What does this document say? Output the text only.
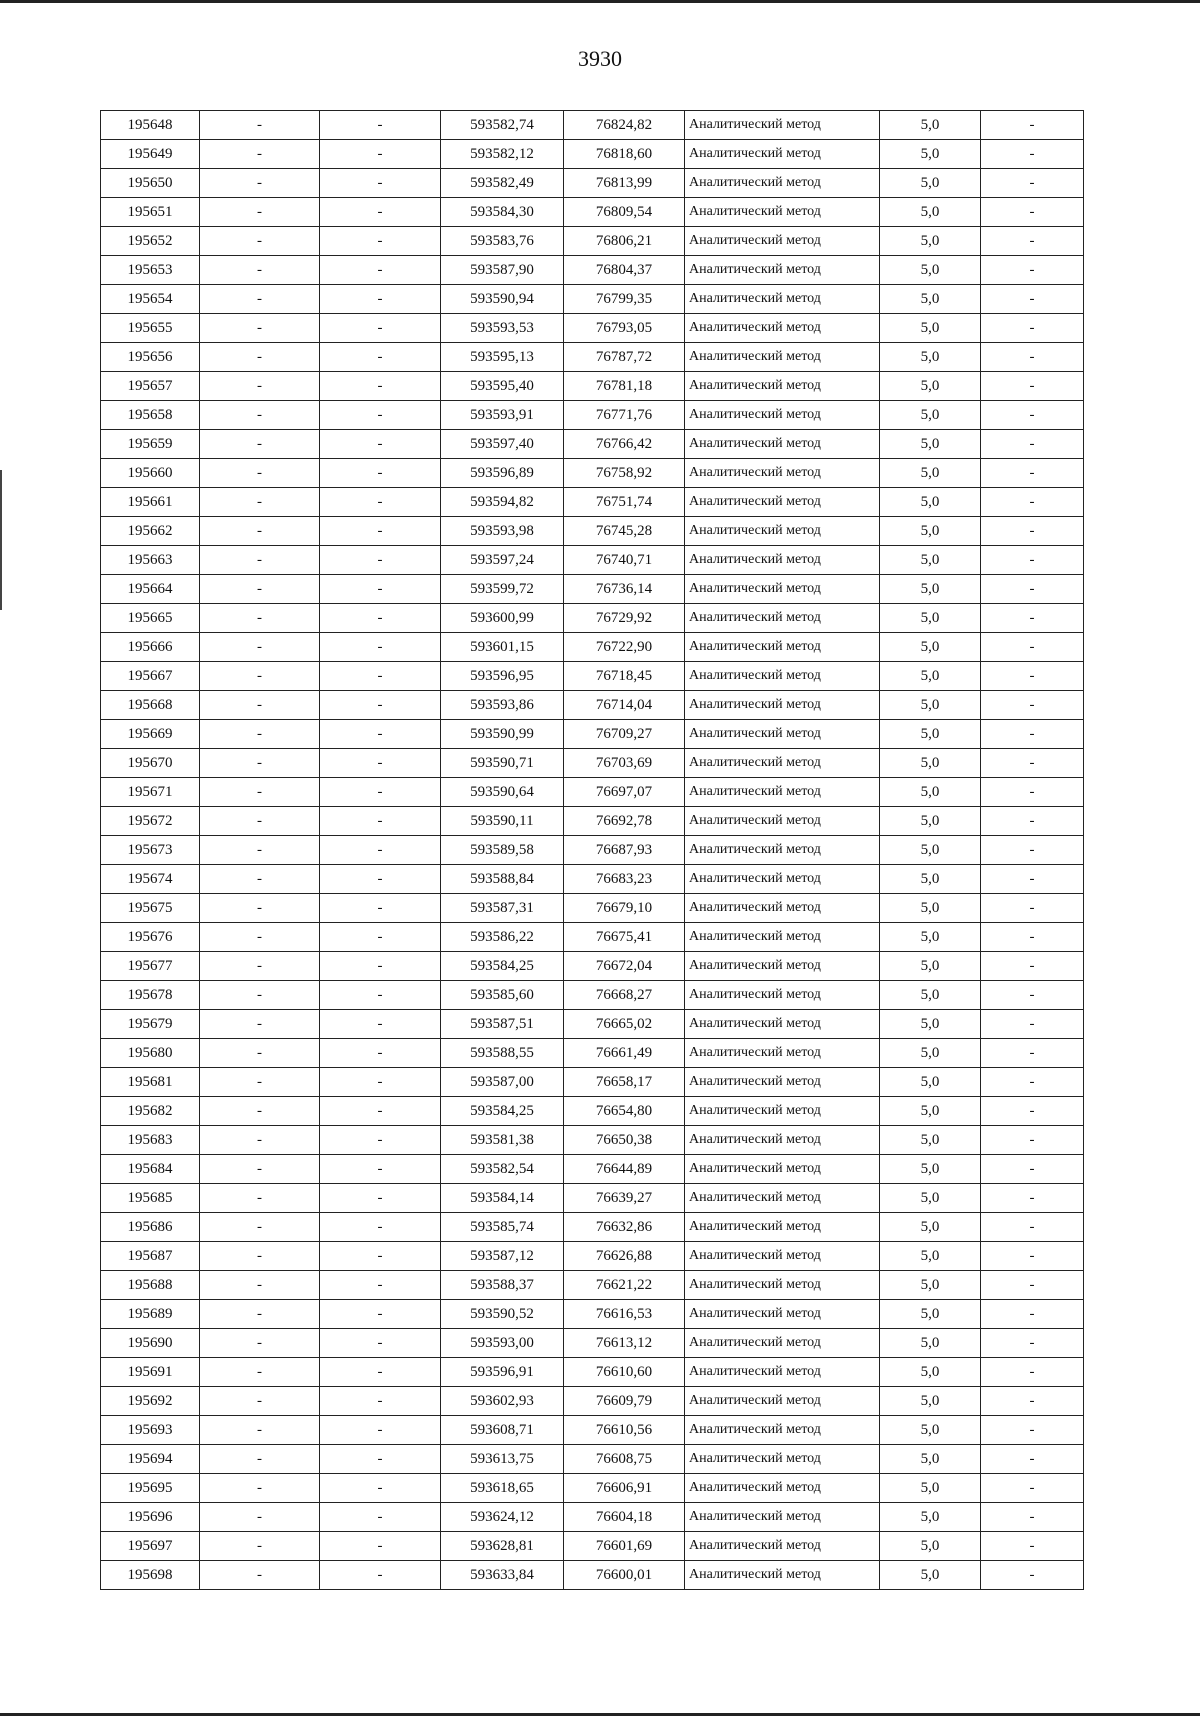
3930
195648	-	-	593582,74	76824,82	Аналитический метод	5,0	-
195649	-	-	593582,12	76818,60	Аналитический метод	5,0	-
195650	-	-	593582,49	76813,99	Аналитический метод	5,0	-
195651	-	-	593584,30	76809,54	Аналитический метод	5,0	-
195652	-	-	593583,76	76806,21	Аналитический метод	5,0	-
195653	-	-	593587,90	76804,37	Аналитический метод	5,0	-
195654	-	-	593590,94	76799,35	Аналитический метод	5,0	-
195655	-	-	593593,53	76793,05	Аналитический метод	5,0	-
195656	-	-	593595,13	76787,72	Аналитический метод	5,0	-
195657	-	-	593595,40	76781,18	Аналитический метод	5,0	-
195658	-	-	593593,91	76771,76	Аналитический метод	5,0	-
195659	-	-	593597,40	76766,42	Аналитический метод	5,0	-
195660	-	-	593596,89	76758,92	Аналитический метод	5,0	-
195661	-	-	593594,82	76751,74	Аналитический метод	5,0	-
195662	-	-	593593,98	76745,28	Аналитический метод	5,0	-
195663	-	-	593597,24	76740,71	Аналитический метод	5,0	-
195664	-	-	593599,72	76736,14	Аналитический метод	5,0	-
195665	-	-	593600,99	76729,92	Аналитический метод	5,0	-
195666	-	-	593601,15	76722,90	Аналитический метод	5,0	-
195667	-	-	593596,95	76718,45	Аналитический метод	5,0	-
195668	-	-	593593,86	76714,04	Аналитический метод	5,0	-
195669	-	-	593590,99	76709,27	Аналитический метод	5,0	-
195670	-	-	593590,71	76703,69	Аналитический метод	5,0	-
195671	-	-	593590,64	76697,07	Аналитический метод	5,0	-
195672	-	-	593590,11	76692,78	Аналитический метод	5,0	-
195673	-	-	593589,58	76687,93	Аналитический метод	5,0	-
195674	-	-	593588,84	76683,23	Аналитический метод	5,0	-
195675	-	-	593587,31	76679,10	Аналитический метод	5,0	-
195676	-	-	593586,22	76675,41	Аналитический метод	5,0	-
195677	-	-	593584,25	76672,04	Аналитический метод	5,0	-
195678	-	-	593585,60	76668,27	Аналитический метод	5,0	-
195679	-	-	593587,51	76665,02	Аналитический метод	5,0	-
195680	-	-	593588,55	76661,49	Аналитический метод	5,0	-
195681	-	-	593587,00	76658,17	Аналитический метод	5,0	-
195682	-	-	593584,25	76654,80	Аналитический метод	5,0	-
195683	-	-	593581,38	76650,38	Аналитический метод	5,0	-
195684	-	-	593582,54	76644,89	Аналитический метод	5,0	-
195685	-	-	593584,14	76639,27	Аналитический метод	5,0	-
195686	-	-	593585,74	76632,86	Аналитический метод	5,0	-
195687	-	-	593587,12	76626,88	Аналитический метод	5,0	-
195688	-	-	593588,37	76621,22	Аналитический метод	5,0	-
195689	-	-	593590,52	76616,53	Аналитический метод	5,0	-
195690	-	-	593593,00	76613,12	Аналитический метод	5,0	-
195691	-	-	593596,91	76610,60	Аналитический метод	5,0	-
195692	-	-	593602,93	76609,79	Аналитический метод	5,0	-
195693	-	-	593608,71	76610,56	Аналитический метод	5,0	-
195694	-	-	593613,75	76608,75	Аналитический метод	5,0	-
195695	-	-	593618,65	76606,91	Аналитический метод	5,0	-
195696	-	-	593624,12	76604,18	Аналитический метод	5,0	-
195697	-	-	593628,81	76601,69	Аналитический метод	5,0	-
195698	-	-	593633,84	76600,01	Аналитический метод	5,0	-
